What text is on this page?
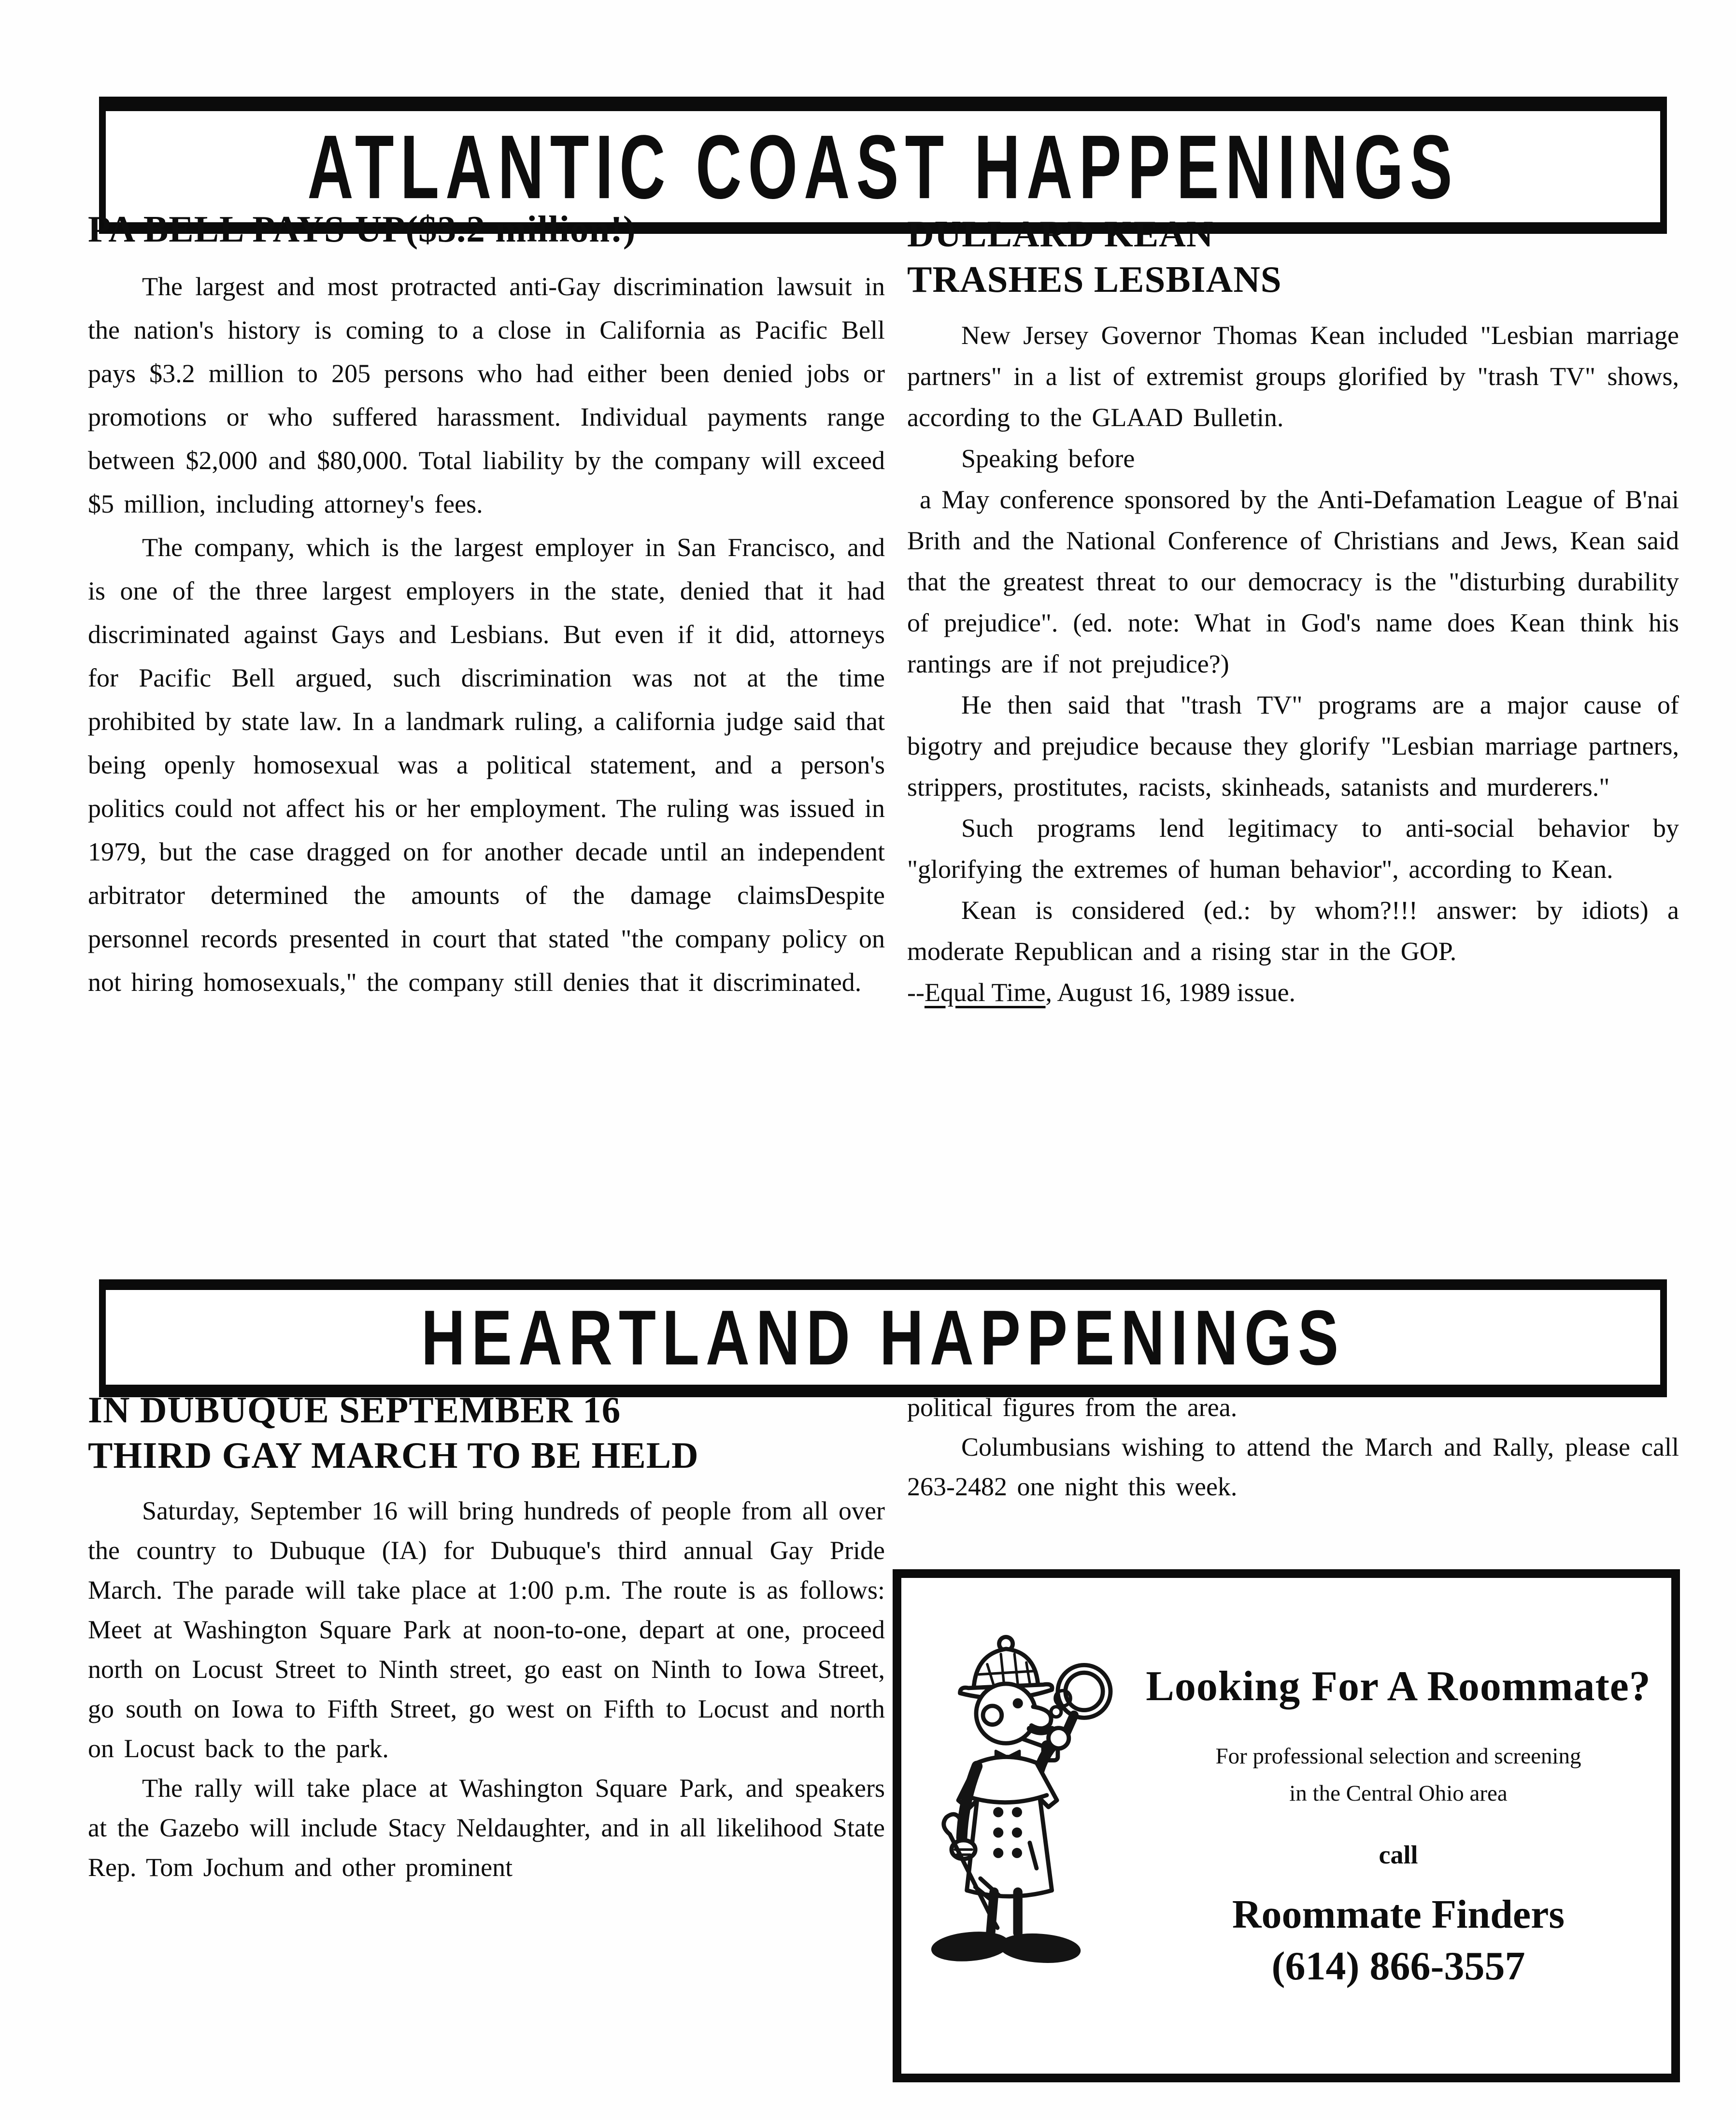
ATLANTIC COAST HAPPENINGS
PA BELL PAYS UP($3.2 million!)

The largest and most protracted anti-Gay discrimination lawsuit in the nation's history is coming to a close in California as Pacific Bell pays $3.2 million to 205 persons who had either been denied jobs or promotions or who suffered harassment. Individual payments range between $2,000 and $80,000. Total liability by the company will exceed $5 million, including attorney's fees.

The company, which is the largest employer in San Francisco, and is one of the three largest employers in the state, denied that it had discriminated against Gays and Lesbians. But even if it did, attorneys for Pacific Bell argued, such discrimination was not at the time prohibited by state law. In a landmark ruling, a california judge said that being openly homosexual was a political statement, and a person's politics could not affect his or her employment. The ruling was issued in 1979, but the case dragged on for another decade until an independent arbitrator determined the amounts of the damage claimsDespite personnel records presented in court that stated "the company policy on not hiring homosexuals," the company still denies that it discriminated.

DULLARD KEAN
TRASHES LESBIANS

New Jersey Governor Thomas Kean included "Lesbian marriage partners" in a list of extremist groups glorified by "trash TV" shows, according to the GLAAD Bulletin.

Speaking before

a May conference sponsored by the Anti-Defamation League of B'nai Brith and the National Conference of Christians and Jews, Kean said that the greatest threat to our democracy is the "disturbing durability of prejudice". (ed. note: What in God's name does Kean think his rantings are if not prejudice?)

He then said that "trash TV" programs are a major cause of bigotry and prejudice because they glorify "Lesbian marriage partners, strippers, prostitutes, racists, skinheads, satanists and murderers."

Such programs lend legitimacy to anti-social behavior by "glorifying the extremes of human behavior", according to Kean.

Kean is considered (ed.: by whom?!!! answer: by idiots) a moderate Republican and a rising star in the GOP.

--Equal Time, August 16, 1989 issue.

HEARTLAND HAPPENINGS
IN DUBUQUE SEPTEMBER 16
THIRD GAY MARCH TO BE HELD

Saturday, September 16 will bring hundreds of people from all over the country to Dubuque (IA) for Dubuque's third annual Gay Pride March. The parade will take place at 1:00 p.m. The route is as follows: Meet at Washington Square Park at noon-to-one, depart at one, proceed north on Locust Street to Ninth street, go east on Ninth to Iowa Street, go south on Iowa to Fifth Street, go west on Fifth to Locust and north on Locust back to the park.

The rally will take place at Washington Square Park, and speakers at the Gazebo will include Stacy Neldaughter, and in all likelihood State Rep. Tom Jochum and other prominent

political figures from the area.

Columbusians wishing to attend the March and Rally, please call 263-2482 one night this week.

Looking For A Roommate?
For professional selection and screening
in the Central Ohio area
call
Roommate Finders
(614) 866-3557
